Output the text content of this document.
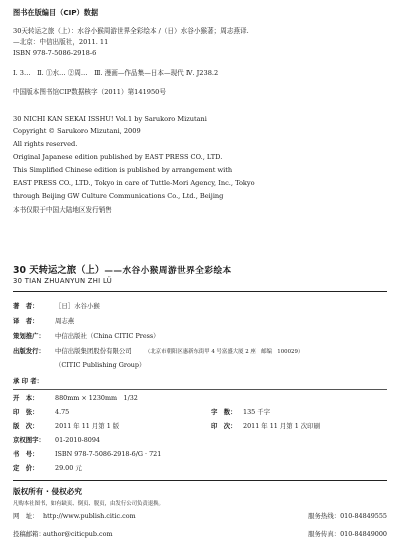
图书在版编目（CIP）数据
30天转运之旅（上）：水谷小猴周游世界全彩绘本 /（日）水谷小猴著；周志燕译.
—北京：中信出版社，2011. 11
ISBN 978-7-5086-2918-6
Ⅰ. 3…　Ⅱ. ①水… ②周…　Ⅲ. 漫画—作品集—日本—现代 Ⅳ. J238.2
中国版本图书馆CIP数据核字（2011）第141950号
30 NICHI KAN SEKAI ISSHU! Vol.1 by Sarukoro Mizutani
Copyright © Sarukoro Mizutani, 2009
All rights reserved.
Original Japanese edition published by EAST PRESS CO., LTD.
This Simplified Chinese edition is published by arrangement with
EAST PRESS CO., LTD., Tokyo in care of Tuttle-Mori Agency, Inc., Tokyo
through Beijing GW Culture Communications Co., Ltd., Beijing
本书仅限于中国大陆地区发行销售
30 天转运之旅（上）——水谷小猴周游世界全彩绘本
30 TIAN ZHUANYUN ZHI LÜ
著　者：	［日］水谷小猴
译　者：	周志燕
策划推广：	中信出版社（China CITIC Press）
出版发行：	中信出版集团股份有限公司 （北京市朝阳区惠新东街甲 4 号富盛大厦 2 座　邮编　100029）
（CITIC Publishing Group）
承 印 者：
开　本：	880mm × 1230mm　1/32
印　张：	4.75	字　数： 135 千字
版　次：	2011 年 11 月第 1 版	印　次： 2011 年 11 月第 1 次印刷
京权图字：	01-2010-8094
书　号：	ISBN 978-7-5086-2918-6/G · 721
定　价：	29.00 元
版权所有 · 侵权必究
凡购本社图书，如有缺页、倒页、脱页，由发行公司负责退换。
网　址： http://www.publish.citic.com	服务热线：010-84849555
投稿邮箱：
author@citicpub.com	服务传真：010-84849000
